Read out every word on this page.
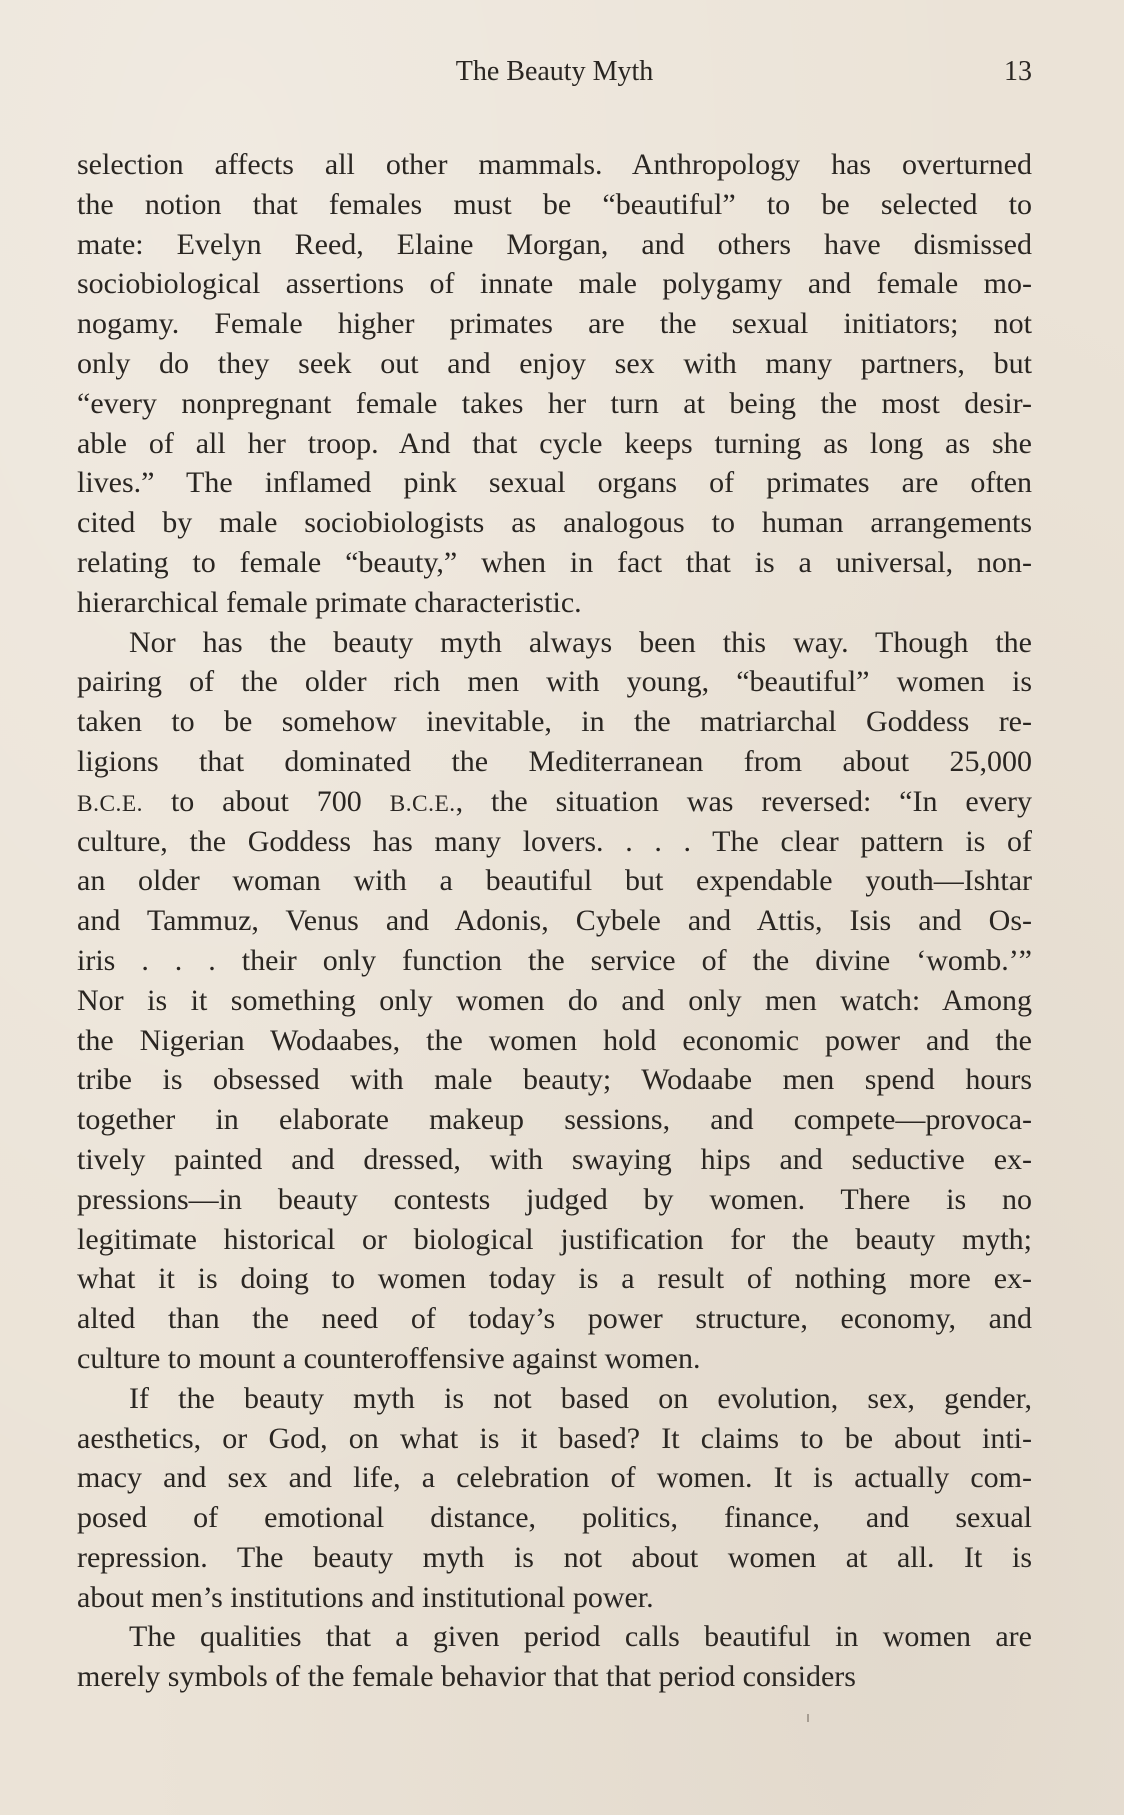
The Beauty Myth	13
selection affects all other mammals. Anthropology has overturned
the notion that females must be “beautiful” to be selected to
mate: Evelyn Reed, Elaine Morgan, and others have dismissed
sociobiological assertions of innate male polygamy and female mo-
nogamy. Female higher primates are the sexual initiators; not
only do they seek out and enjoy sex with many partners, but
“every nonpregnant female takes her turn at being the most desir-
able of all her troop. And that cycle keeps turning as long as she
lives.” The inflamed pink sexual organs of primates are often
cited by male sociobiologists as analogous to human arrangements
relating to female “beauty,” when in fact that is a universal, non-
hierarchical female primate characteristic.
Nor has the beauty myth always been this way. Though the
pairing of the older rich men with young, “beautiful” women is
taken to be somehow inevitable, in the matriarchal Goddess re-
ligions that dominated the Mediterranean from about 25,000
B.C.E. to about 700 B.C.E., the situation was reversed: “In every
culture, the Goddess has many lovers. . . . The clear pattern is of
an older woman with a beautiful but expendable youth—Ishtar
and Tammuz, Venus and Adonis, Cybele and Attis, Isis and Os-
iris . . . their only function the service of the divine ‘womb.’”
Nor is it something only women do and only men watch: Among
the Nigerian Wodaabes, the women hold economic power and the
tribe is obsessed with male beauty; Wodaabe men spend hours
together in elaborate makeup sessions, and compete—provoca-
tively painted and dressed, with swaying hips and seductive ex-
pressions—in beauty contests judged by women. There is no
legitimate historical or biological justification for the beauty myth;
what it is doing to women today is a result of nothing more ex-
alted than the need of today’s power structure, economy, and
culture to mount a counteroffensive against women.
If the beauty myth is not based on evolution, sex, gender,
aesthetics, or God, on what is it based? It claims to be about inti-
macy and sex and life, a celebration of women. It is actually com-
posed of emotional distance, politics, finance, and sexual
repression. The beauty myth is not about women at all. It is
about men’s institutions and institutional power.
The qualities that a given period calls beautiful in women are
merely symbols of the female behavior that that period considers
